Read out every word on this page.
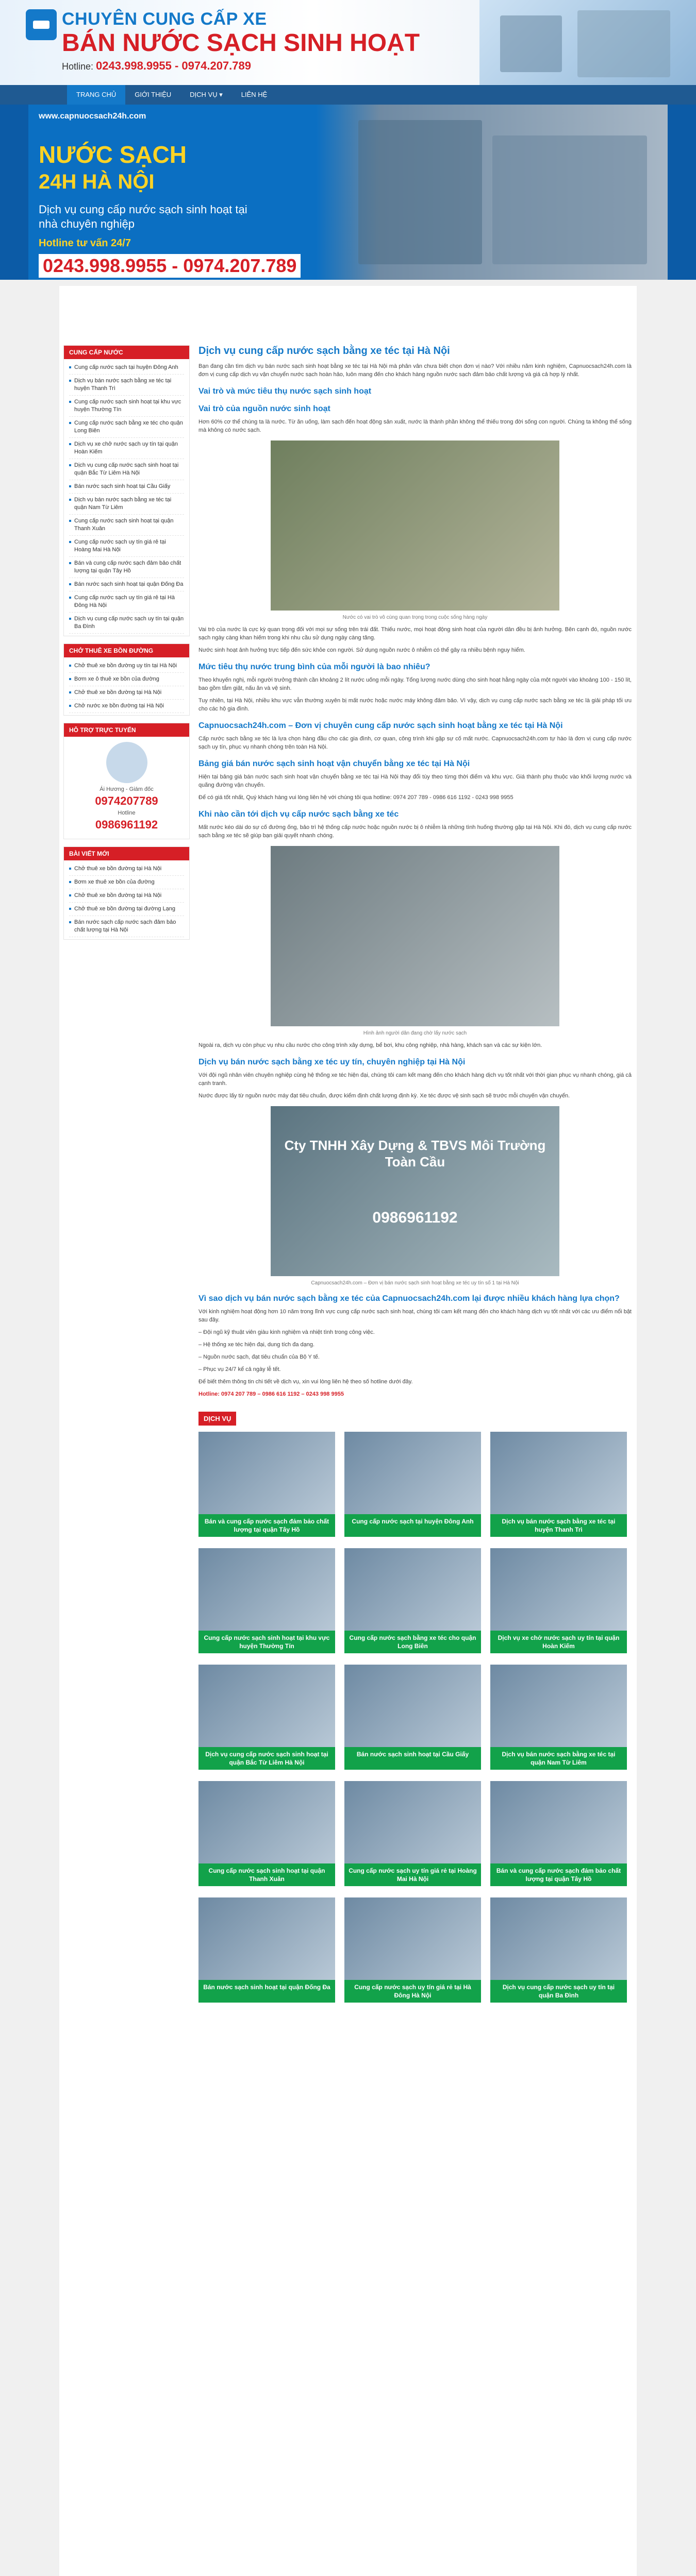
CHUYÊN CUNG CẤP XE
BÁN NƯỚC SẠCH SINH HOẠT
Hotline: 0243.998.9955 - 0974.207.789
TRANG CHỦ	GIỚI THIỆU	DỊCH VỤ ▾	LIÊN HỆ
www.capnuocsach24h.com
NƯỚC SẠCH
24H HÀ NỘI
Dịch vụ cung cấp nước sạch sinh hoạt tại nhà chuyên nghiệp
Hotline tư vấn 24/7
0243.998.9955 - 0974.207.789
CUNG CẤP NƯỚC
Cung cấp nước sạch tại huyện Đông Anh
Dịch vụ bán nước sạch bằng xe téc tại huyện Thanh Trì
Cung cấp nước sạch sinh hoạt tại khu vực huyện Thường Tín
Cung cấp nước sạch bằng xe téc cho quận Long Biên
Dịch vụ xe chở nước sạch uy tín tại quận Hoàn Kiếm
Dịch vụ cung cấp nước sạch sinh hoạt tại quận Bắc Từ Liêm Hà Nội
Bán nước sạch sinh hoạt tại Cầu Giấy
Dịch vụ bán nước sạch bằng xe téc tại quận Nam Từ Liêm
Cung cấp nước sạch sinh hoạt tại quận Thanh Xuân
Cung cấp nước sạch uy tín giá rẻ tại Hoàng Mai Hà Nội
Bán và cung cấp nước sạch đảm bảo chất lượng tại quận Tây Hồ
Bán nước sạch sinh hoạt tại quận Đống Đa
Cung cấp nước sạch uy tín giá rẻ tại Hà Đông Hà Nội
Dịch vụ cung cấp nước sạch uy tín tại quận Ba Đình
CHỞ THUÊ XE BỒN ĐƯỜNG
Chở thuê xe bồn đường uy tín tại Hà Nội
Bơm xe ô thuê xe bồn của đường
Chở thuê xe bồn đường tại Hà Nội
Chở nước xe bồn đường tại Hà Nội
HỖ TRỢ TRỰC TUYẾN
Ái Hương - Giám đốc
0974207789
Hotline
0986961192
BÀI VIẾT MỚI
Chở thuê xe bồn đường tại Hà Nội
Bơm xe thuê xe bồn của đường
Chở thuê xe bồn đường tại Hà Nội
Chở thuê xe bồn đường tại đường Lạng
Bán nước sạch cấp nước sạch đảm bảo chất lượng tại Hà Nội
Dịch vụ cung cấp nước sạch bằng xe téc tại Hà Nội

Bạn đang cần tìm dịch vụ bán nước sạch sinh hoạt bằng xe téc tại Hà Nội mà phân vân chưa biết chọn đơn vị nào? Với nhiều năm kinh nghiệm, Capnuocsach24h.com là đơn vị cung cấp dịch vụ vận chuyển nước sạch hoàn hảo, luôn mang đến cho khách hàng nguồn nước sạch đảm bảo chất lượng và giá cả hợp lý nhất.

Vai trò và mức tiêu thụ nước sạch sinh hoạt
Vai trò của nguồn nước sinh hoạt

Hơn 60% cơ thể chúng ta là nước. Từ ăn uống, làm sạch đến hoạt động sản xuất, nước là thành phần không thể thiếu trong đời sống con người. Chúng ta không thể sống mà không có nước sạch.

Nước có vai trò vô cùng quan trọng trong cuộc sống hàng ngày

Vai trò của nước là cực kỳ quan trọng đối với mọi sự sống trên trái đất. Thiếu nước, mọi hoạt động sinh hoạt của người dân đều bị ảnh hưởng. Bên cạnh đó, nguồn nước sạch ngày càng khan hiếm trong khi nhu cầu sử dụng ngày càng tăng.

Nước sinh hoạt ảnh hưởng trực tiếp đến sức khỏe con người. Sử dụng nguồn nước ô nhiễm có thể gây ra nhiều bệnh nguy hiểm.

Mức tiêu thụ nước trung bình của mỗi người là bao nhiêu?

Theo khuyến nghị, mỗi người trưởng thành cần khoảng 2 lít nước uống mỗi ngày. Tổng lượng nước dùng cho sinh hoạt hằng ngày của một người vào khoảng 100 - 150 lít, bao gồm tắm giặt, nấu ăn và vệ sinh.

Tuy nhiên, tại Hà Nội, nhiều khu vực vẫn thường xuyên bị mất nước hoặc nước máy không đảm bảo. Vì vậy, dịch vụ cung cấp nước sạch bằng xe téc là giải pháp tối ưu cho các hộ gia đình.

Capnuocsach24h.com – Đơn vị chuyên cung cấp nước sạch sinh hoạt bằng xe téc tại Hà Nội

Cấp nước sạch bằng xe téc là lựa chọn hàng đầu cho các gia đình, cơ quan, công trình khi gặp sự cố mất nước. Capnuocsach24h.com tự hào là đơn vị cung cấp nước sạch uy tín, phục vụ nhanh chóng trên toàn Hà Nội.

Bảng giá bán nước sạch sinh hoạt vận chuyển bằng xe téc tại Hà Nội

Hiện tại bảng giá bán nước sạch sinh hoạt vận chuyển bằng xe téc tại Hà Nội thay đổi tùy theo từng thời điểm và khu vực. Giá thành phụ thuộc vào khối lượng nước và quãng đường vận chuyển.

Để có giá tốt nhất, Quý khách hàng vui lòng liên hệ với chúng tôi qua hotline: 0974 207 789 - 0986 616 1192 - 0243 998 9955

Khi nào cần tới dịch vụ cấp nước sạch bằng xe téc

Mất nước kéo dài do sự cố đường ống, bảo trì hệ thống cấp nước hoặc nguồn nước bị ô nhiễm là những tình huống thường gặp tại Hà Nội. Khi đó, dịch vụ cung cấp nước sạch bằng xe téc sẽ giúp bạn giải quyết nhanh chóng.

Hình ảnh người dân đang chờ lấy nước sạch

Ngoài ra, dịch vụ còn phục vụ nhu cầu nước cho công trình xây dựng, bể bơi, khu công nghiệp, nhà hàng, khách sạn và các sự kiện lớn.

Dịch vụ bán nước sạch bằng xe téc uy tín, chuyên nghiệp tại Hà Nội

Với đội ngũ nhân viên chuyên nghiệp cùng hệ thống xe téc hiện đại, chúng tôi cam kết mang đến cho khách hàng dịch vụ tốt nhất với thời gian phục vụ nhanh chóng, giá cả cạnh tranh.

Nước được lấy từ nguồn nước máy đạt tiêu chuẩn, được kiểm định chất lượng định kỳ. Xe téc được vệ sinh sạch sẽ trước mỗi chuyến vận chuyển.

Cty TNHH Xây Dựng & TBVS Môi Trường Toàn Cầu
0986961192
Capnuocsach24h.com – Đơn vị bán nước sạch sinh hoạt bằng xe téc uy tín số 1 tại Hà Nội
Vì sao dịch vụ bán nước sạch bằng xe téc của Capnuocsach24h.com lại được nhiều khách hàng lựa chọn?

Với kinh nghiệm hoạt động hơn 10 năm trong lĩnh vực cung cấp nước sạch sinh hoạt, chúng tôi cam kết mang đến cho khách hàng dịch vụ tốt nhất với các ưu điểm nổi bật sau đây.

– Đội ngũ kỹ thuật viên giàu kinh nghiệm và nhiệt tình trong công việc.

– Hệ thống xe téc hiện đại, dung tích đa dạng.

– Nguồn nước sạch, đạt tiêu chuẩn của Bộ Y tế.

– Phục vụ 24/7 kể cả ngày lễ tết.

Để biết thêm thông tin chi tiết về dịch vụ, xin vui lòng liên hệ theo số hotline dưới đây.

Hotline: 0974 207 789 – 0986 616 1192 – 0243 998 9955

DỊCH VỤ
Bán và cung cấp nước sạch đảm bảo chất lượng tại quận Tây Hồ
Cung cấp nước sạch tại huyện Đông Anh	Dịch vụ bán nước sạch bằng xe téc tại huyện Thanh Trì
Cung cấp nước sạch sinh hoạt tại khu vực huyện Thường Tín
Cung cấp nước sạch bằng xe téc cho quận Long Biên
Dịch vụ xe chở nước sạch uy tín tại quận Hoàn Kiếm
Dịch vụ cung cấp nước sạch sinh hoạt tại quận Bắc Từ Liêm Hà Nội
Bán nước sạch sinh hoạt tại Cầu Giấy	Dịch vụ bán nước sạch bằng xe téc tại quận Nam Từ Liêm
Cung cấp nước sạch sinh hoạt tại quận Thanh Xuân
Cung cấp nước sạch uy tín giá rẻ tại Hoàng Mai Hà Nội
Bán và cung cấp nước sạch đảm bảo chất lượng tại quận Tây Hồ
Bán nước sạch sinh hoạt tại quận Đống Đa	Cung cấp nước sạch uy tín giá rẻ tại Hà Đông Hà Nội
Dịch vụ cung cấp nước sạch uy tín tại quận Ba Đình
